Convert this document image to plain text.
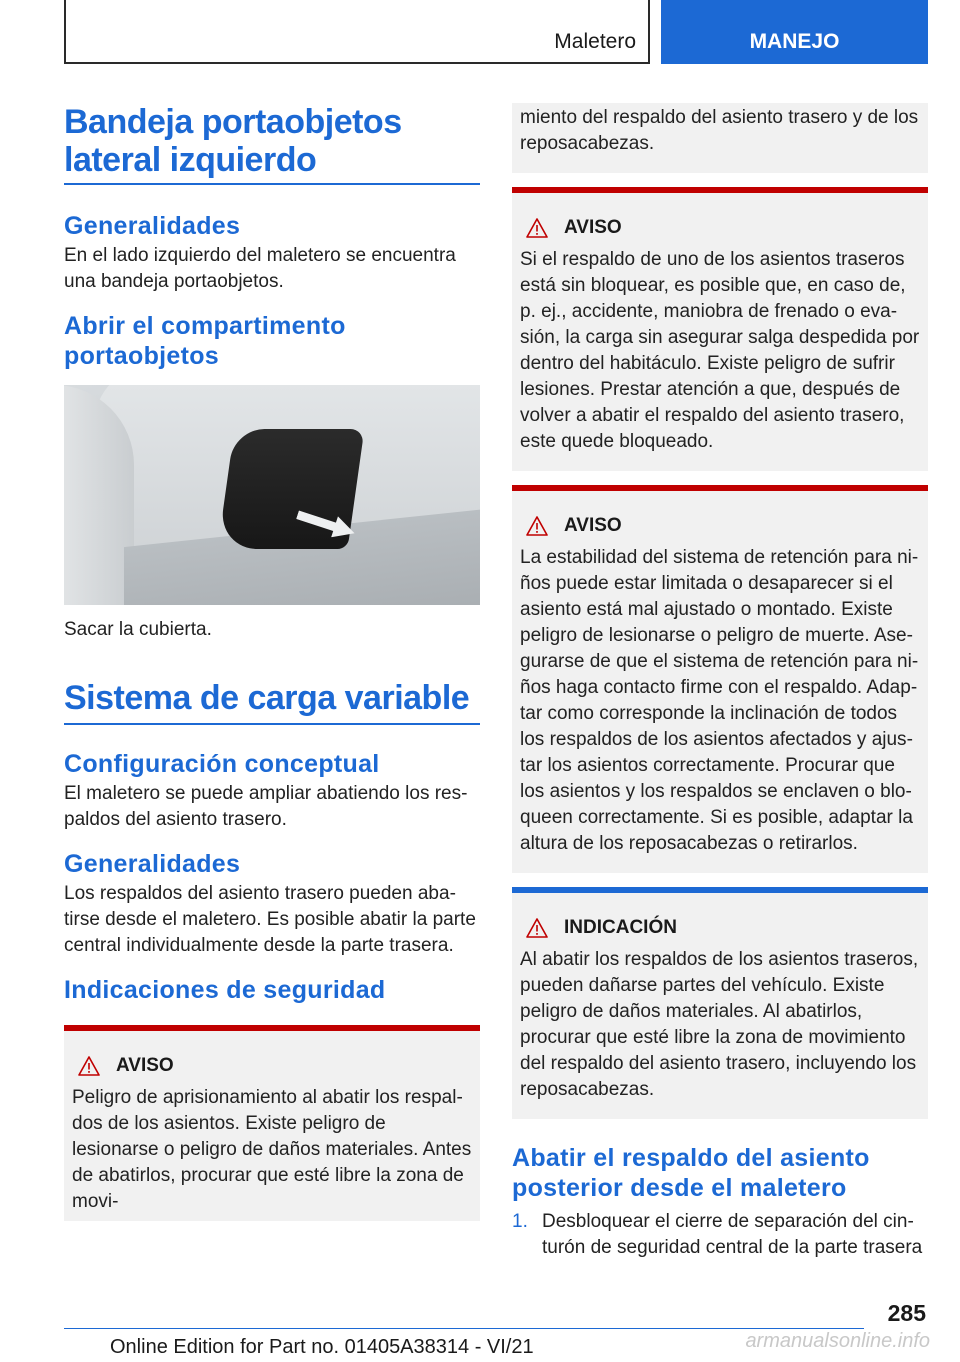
Maletero	MANEJO
Bandeja portaobjetos lateral izquierdo
Generalidades

En el lado izquierdo del maletero se encuentra una bandeja portaobjetos.

Abrir el compartimento portaobjetos

Sacar la cubierta.

Sistema de carga variable
Configuración conceptual

El maletero se puede ampliar abatiendo los respaldos del asiento trasero.

Generalidades

Los respaldos del asiento trasero pueden abatirse desde el maletero. Es posible abatir la parte central individualmente desde la parte trasera.

Indicaciones de seguridad
AVISO

Peligro de aprisionamiento al abatir los respaldos de los asientos. Existe peligro de lesionarse o peligro de daños materiales. Antes de abatirlos, procurar que esté libre la zona de movi-

miento del respaldo del asiento trasero y de los reposacabezas.

AVISO

Si el respaldo de uno de los asientos traseros está sin bloquear, es posible que, en caso de, p. ej., accidente, maniobra de frenado o evasión, la carga sin asegurar salga despedida por dentro del habitáculo. Existe peligro de sufrir lesiones. Prestar atención a que, después de volver a abatir el respaldo del asiento trasero, este quede bloqueado.

AVISO

La estabilidad del sistema de retención para niños puede estar limitada o desaparecer si el asiento está mal ajustado o montado. Existe peligro de lesionarse o peligro de muerte. Asegurarse de que el sistema de retención para niños haga contacto firme con el respaldo. Adaptar como corresponde la inclinación de todos los respaldos de los asientos afectados y ajustar los asientos correctamente. Procurar que los asientos y los respaldos se enclaven o bloqueen correctamente. Si es posible, adaptar la altura de los reposacabezas o retirarlos.

INDICACIÓN

Al abatir los respaldos de los asientos traseros, pueden dañarse partes del vehículo. Existe peligro de daños materiales. Al abatirlos, procurar que esté libre la zona de movimiento del respaldo del asiento trasero, incluyendo los reposacabezas.

Abatir el respaldo del asiento posterior desde el maletero
1. Desbloquear el cierre de separación del cinturón de seguridad central de la parte trasera
285
Online Edition for Part no. 01405A38314 - VI/21	armanualsonline.info
